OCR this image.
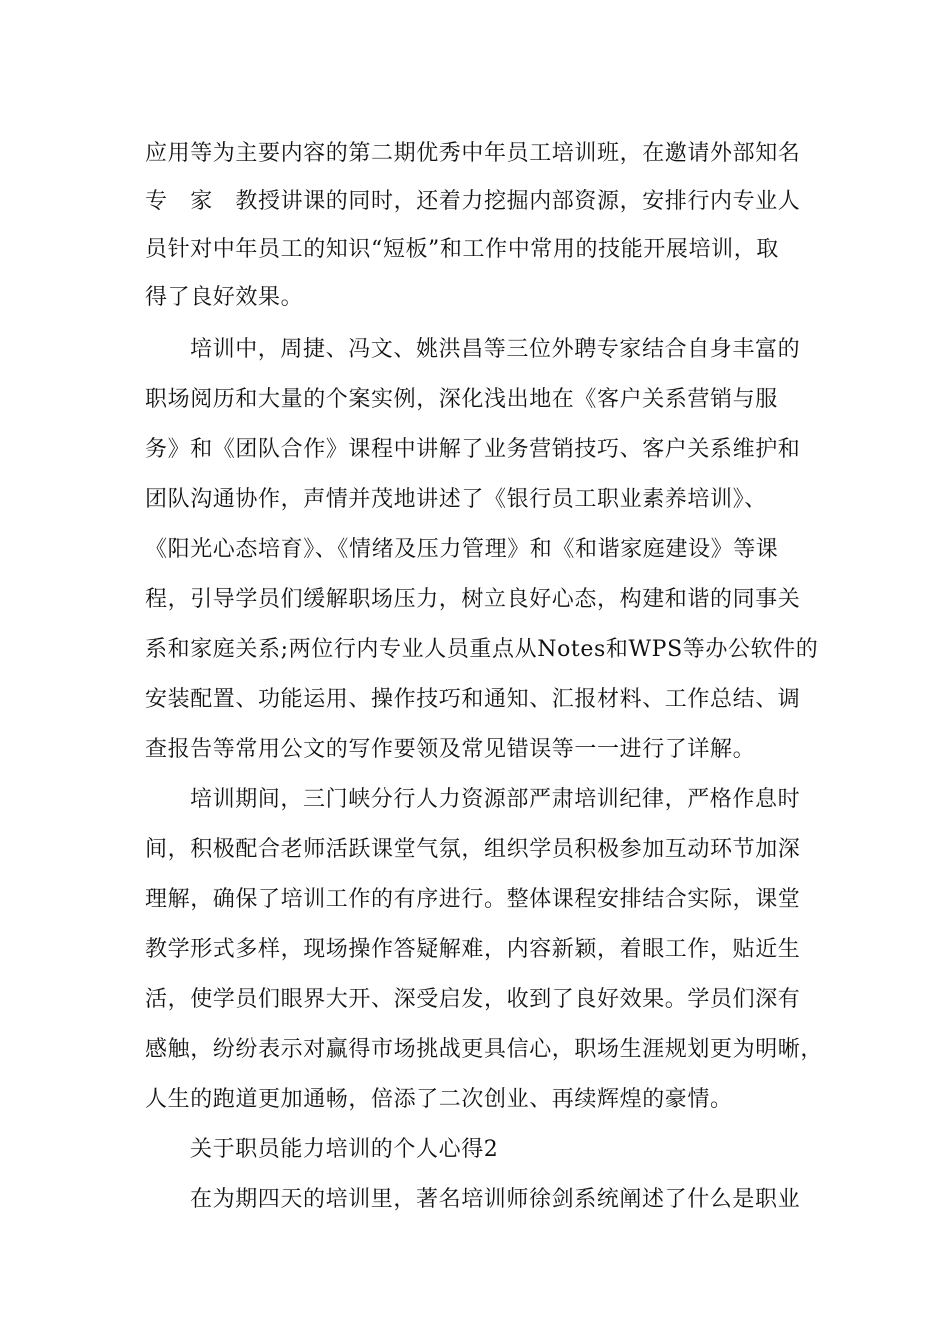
应用等为主要内容的第二期优秀中年员工培训班，在邀请外部知名
专　家　教授讲课的同时，还着力挖掘内部资源，安排行内专业人
员针对中年员工的知识“短板”和工作中常用的技能开展培训，取
得了良好效果。
培训中，周捷、冯文、姚洪昌等三位外聘专家结合自身丰富的
职场阅历和大量的个案实例，深化浅出地在《客户关系营销与服
务》和《团队合作》课程中讲解了业务营销技巧、客户关系维护和
团队沟通协作，声情并茂地讲述了《银行员工职业素养培训》、
《阳光心态培育》、《情绪及压力管理》和《和谐家庭建设》等课
程，引导学员们缓解职场压力，树立良好心态，构建和谐的同事关
系和家庭关系;两位行内专业人员重点从Notes和WPS等办公软件的
安装配置、功能运用、操作技巧和通知、汇报材料、工作总结、调
查报告等常用公文的写作要领及常见错误等一一进行了详解。
培训期间，三门峡分行人力资源部严肃培训纪律，严格作息时
间，积极配合老师活跃课堂气氛，组织学员积极参加互动环节加深
理解，确保了培训工作的有序进行。整体课程安排结合实际，课堂
教学形式多样，现场操作答疑解难，内容新颖，着眼工作，贴近生
活，使学员们眼界大开、深受启发，收到了良好效果。学员们深有
感触，纷纷表示对赢得市场挑战更具信心，职场生涯规划更为明晰，
人生的跑道更加通畅，倍添了二次创业、再续辉煌的豪情。
关于职员能力培训的个人心得2
在为期四天的培训里，著名培训师徐剑系统阐述了什么是职业
